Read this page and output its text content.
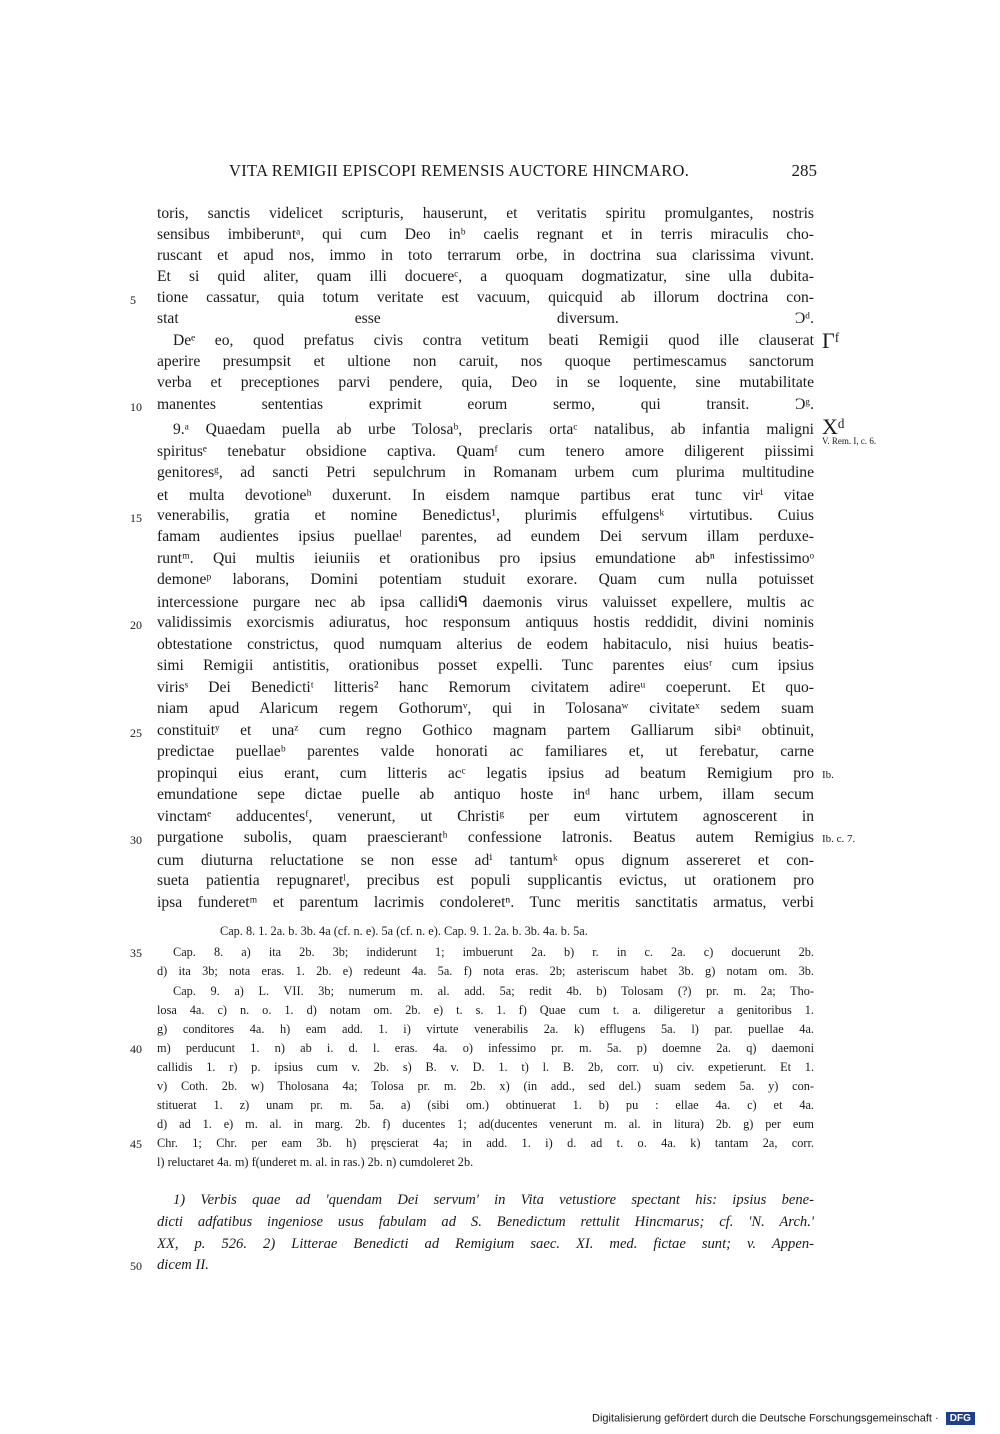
VITA REMIGII EPISCOPI REMENSIS AUCTORE HINCMARO.	285
toris, sanctis videlicet scripturis, hauserunt, et veritatis spiritu promulgantes, nostris
sensibus imbiberuntᵃ, qui cum Deo inᵇ caelis regnant et in terris miraculis cho-
ruscant et apud nos, immo in toto terrarum orbe, in doctrina sua clarissima vivunt.
Et si quid aliter, quam illi docuereᶜ, a quoquam dogmatizatur, sine ulla dubita-
tione cassatur, quia totum veritate est vacuum, quicquid ab illorum doctrina con-
stat esse diversum. Ɔᵈ.
Deᵉ eo, quod prefatus civis contra vetitum beati Remigii quod ille clauserat
aperire presumpsit et ultione non caruit, nos quoque pertimescamus sanctorum
verba et preceptiones parvi pendere, quia, Deo in se loquente, sine mutabilitate
manentes sententias exprimit eorum sermo, qui transit. Ɔᵍ.
9.ᵃ Quaedam puella ab urbe Tolosaᵇ, preclaris ortaᶜ natalibus, ab infantia maligni
spiritusᵉ tenebatur obsidione captiva. Quamᶠ cum tenero amore diligerent piissimi
genitoresᵍ, ad sancti Petri sepulchrum in Romanam urbem cum plurima multitudine
et multa devotioneʰ duxerunt. In eisdem namque partibus erat tunc virⁱ vitae
venerabilis, gratia et nomine Benedictus¹, plurimis effulgensᵏ virtutibus. Cuius
famam audientes ipsius puellaeˡ parentes, ad eundem Dei servum illam perduxe-
runtᵐ. Qui multis ieiuniis et orationibus pro ipsius emundatione abⁿ infestissimoᵒ
demoneᵖ laborans, Domini potentiam studuit exorare. Quam cum nulla potuisset
intercessione purgare nec ab ipsa callidiᑫ daemonis virus valuisset expellere, multis ac
validissimis exorcismis adiuratus, hoc responsum antiquus hostis reddidit, divini nominis
obtestatione constrictus, quod numquam alterius de eodem habitaculo, nisi huius beatis-
simi Remigii antistitis, orationibus posset expelli. Tunc parentes eiusʳ cum ipsius
virisˢ Dei Benedictiᵗ litteris² hanc Remorum civitatem adireᵘ coeperunt. Et quo-
niam apud Alaricum regem Gothorumᵛ, qui in Tolosanaʷ civitateˣ sedem suam
constituitʸ et unaᶻ cum regno Gothico magnam partem Galliarum sibiᵃ obtinuit,
predictae puellaeᵇ parentes valde honorati ac familiares et, ut ferebatur, carne
propinqui eius erant, cum litteris acᶜ legatis ipsius ad beatum Remigium pro
emundatione sepe dictae puelle ab antiquo hoste inᵈ hanc urbem, illam secum
vinctamᵉ adducentesᶠ, venerunt, ut Christiᵍ per eum virtutem agnoscerent in
purgatione subolis, quam praescierantʰ confessione latronis. Beatus autem Remigius
cum diuturna reluctatione se non esse adⁱ tantumᵏ opus dignum assereret et con-
sueta patientia repugnaretˡ, precibus est populi supplicantis evictus, ut orationem pro
ipsa funderetᵐ et parentum lacrimis condoleretⁿ. Tunc meritis sanctitatis armatus, verbi
Cap. 8. 1. 2a. b. 3b. 4a (cf. n. e). 5a (cf. n. e). Cap. 9. 1. 2a. b. 3b. 4a. b. 5a.
Cap. 8. a) ita 2b. 3b; indiderunt 1; imbuerunt 2a. b) r. in c. 2a. c) docuerunt 2b.
d) ita 3b; nota eras. 1. 2b. e) redeunt 4a. 5a. f) nota eras. 2b; asteriscum habet 3b. g) notam om. 3b.
Cap. 9. a) L. VII. 3b; numerum m. al. add. 5a; redit 4b. b) Tolosam (?) pr. m. 2a; Tho-
losa 4a. c) n. o. 1. d) notam om. 2b. e) t. s. 1. f) Quae cum t. a. diligeretur a genitoribus 1.
g) conditores 4a. h) eam add. 1. i) virtute venerabilis 2a. k) efflugens 5a. l) par. puellae 4a.
m) perducunt 1. n) ab i. d. l. eras. 4a. o) infessimo pr. m. 5a. p) doemne 2a. q) daemoni
callidis 1. r) p. ipsius cum v. 2b. s) B. v. D. 1. t) l. B. 2b, corr. u) civ. expetierunt. Et 1.
v) Coth. 2b. w) Tholosana 4a; Tolosa pr. m. 2b. x) (in add., sed del.) suam sedem 5a. y) con-
stituerat 1. z) unam pr. m. 5a. a) (sibi om.) obtinuerat 1. b) pu : ellae 4a. c) et 4a.
d) ad 1. e) m. al. in marg. 2b. f) ducentes 1; ad(ducentes venerunt m. al. in litura) 2b. g) per eum
Chr. 1; Chr. per eam 3b. h) pręscierat 4a; in add. 1. i) d. ad t. o. 4a. k) tantam 2a, corr.
l) reluctaret 4a. m) f(underet m. al. in ras.) 2b. n) cumdoleret 2b.
1) Verbis quae ad 'quendam Dei servum' in Vita vetustiore spectant his: ipsius bene-
dicti adfatibus ingeniose usus fabulam ad S. Benedictum rettulit Hincmarus; cf. 'N. Arch.'
XX, p. 526. 2) Litterae Benedicti ad Remigium saec. XI. med. fictae sunt; v. Appen-
dicem II.
5
10
15
20
25
30
35
40
45
50
Γᶠ
Χᵈ
V. Rem. I, c. 6.
Ib.
Ib. c. 7.
Digitalisierung gefördert durch die Deutsche Forschungsgemeinschaft · DFG
